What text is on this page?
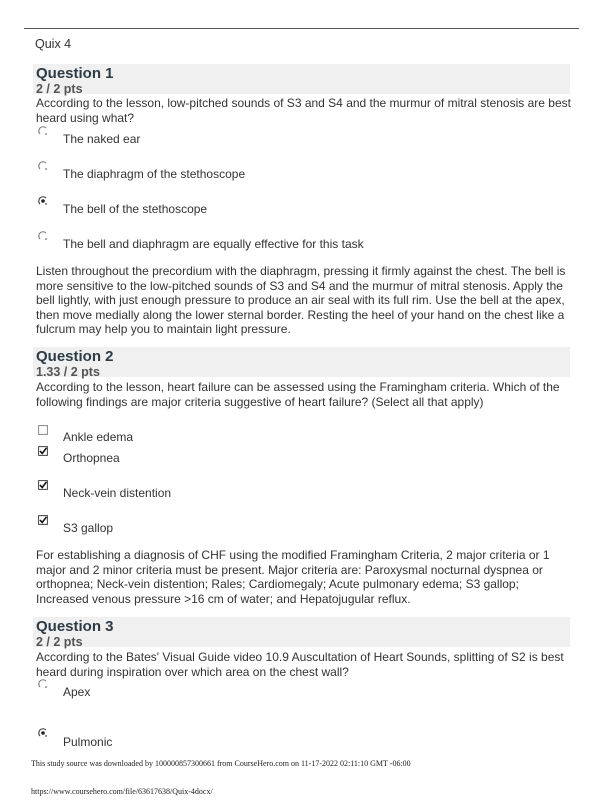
Quix 4
Question 1
2 / 2 pts
According to the lesson, low-pitched sounds of S3 and S4 and the murmur of mitral stenosis are best heard using what?
The naked ear
The diaphragm of the stethoscope
The bell of the stethoscope
The bell and diaphragm are equally effective for this task
Listen throughout the precordium with the diaphragm, pressing it firmly against the chest. The bell is more sensitive to the low-pitched sounds of S3 and S4 and the murmur of mitral stenosis. Apply the bell lightly, with just enough pressure to produce an air seal with its full rim. Use the bell at the apex, then move medially along the lower sternal border. Resting the heel of your hand on the chest like a fulcrum may help you to maintain light pressure.
Question 2
1.33 / 2 pts
According to the lesson, heart failure can be assessed using the Framingham criteria. Which of the following findings are major criteria suggestive of heart failure? (Select all that apply)
Ankle edema
Orthopnea
Neck-vein distention
S3 gallop
For establishing a diagnosis of CHF using the modified Framingham Criteria, 2 major criteria or 1 major and 2 minor criteria must be present. Major criteria are: Paroxysmal nocturnal dyspnea or orthopnea; Neck-vein distention; Rales; Cardiomegaly; Acute pulmonary edema; S3 gallop; Increased venous pressure >16 cm of water; and Hepatojugular reflux.
Question 3
2 / 2 pts
According to the Bates' Visual Guide video 10.9 Auscultation of Heart Sounds, splitting of S2 is best heard during inspiration over which area on the chest wall?
Apex
Pulmonic
This study source was downloaded by 100000857300661 from CourseHero.com on 11-17-2022 02:11:10 GMT -06:00
https://www.coursehero.com/file/63617638/Quix-4docx/
